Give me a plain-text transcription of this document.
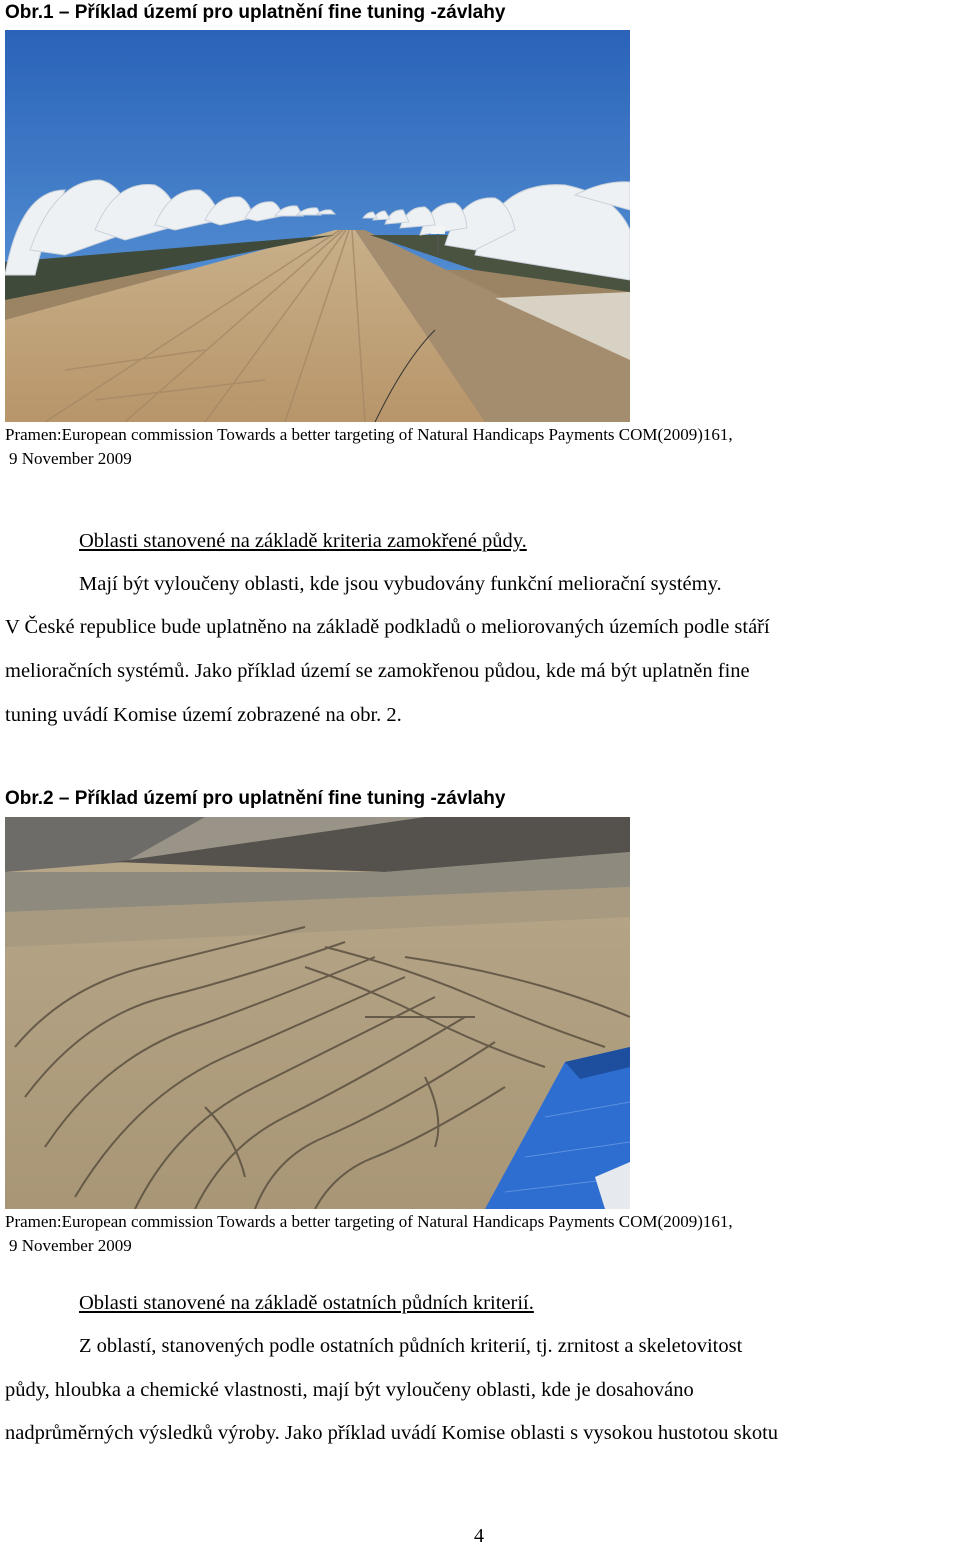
Obr.1 – Příklad území pro uplatnění fine tuning -závlahy
Pramen:European commission Towards a better targeting of Natural Handicaps Payments COM(2009)161,
9 November 2009
Oblasti stanovené na základě kriteria zamokřené půdy.
Mají být vyloučeny oblasti, kde jsou vybudovány funkční meliorační systémy.
V České republice bude uplatněno na základě podkladů o meliorovaných územích podle stáří
melioračních systémů. Jako příklad území se zamokřenou půdou, kde má být uplatněn fine
tuning uvádí Komise území zobrazené na obr. 2.
Obr.2 – Příklad území pro uplatnění fine tuning -závlahy
Pramen:European commission Towards a better targeting of Natural Handicaps Payments COM(2009)161,
9 November 2009
Oblasti stanovené na základě ostatních půdních kriterií.
Z oblastí, stanovených podle ostatních půdních kriterií, tj. zrnitost a skeletovitost
půdy, hloubka a chemické vlastnosti, mají být vyloučeny oblasti, kde je dosahováno
nadprůměrných výsledků výroby. Jako příklad uvádí Komise oblasti s vysokou hustotou skotu
4
